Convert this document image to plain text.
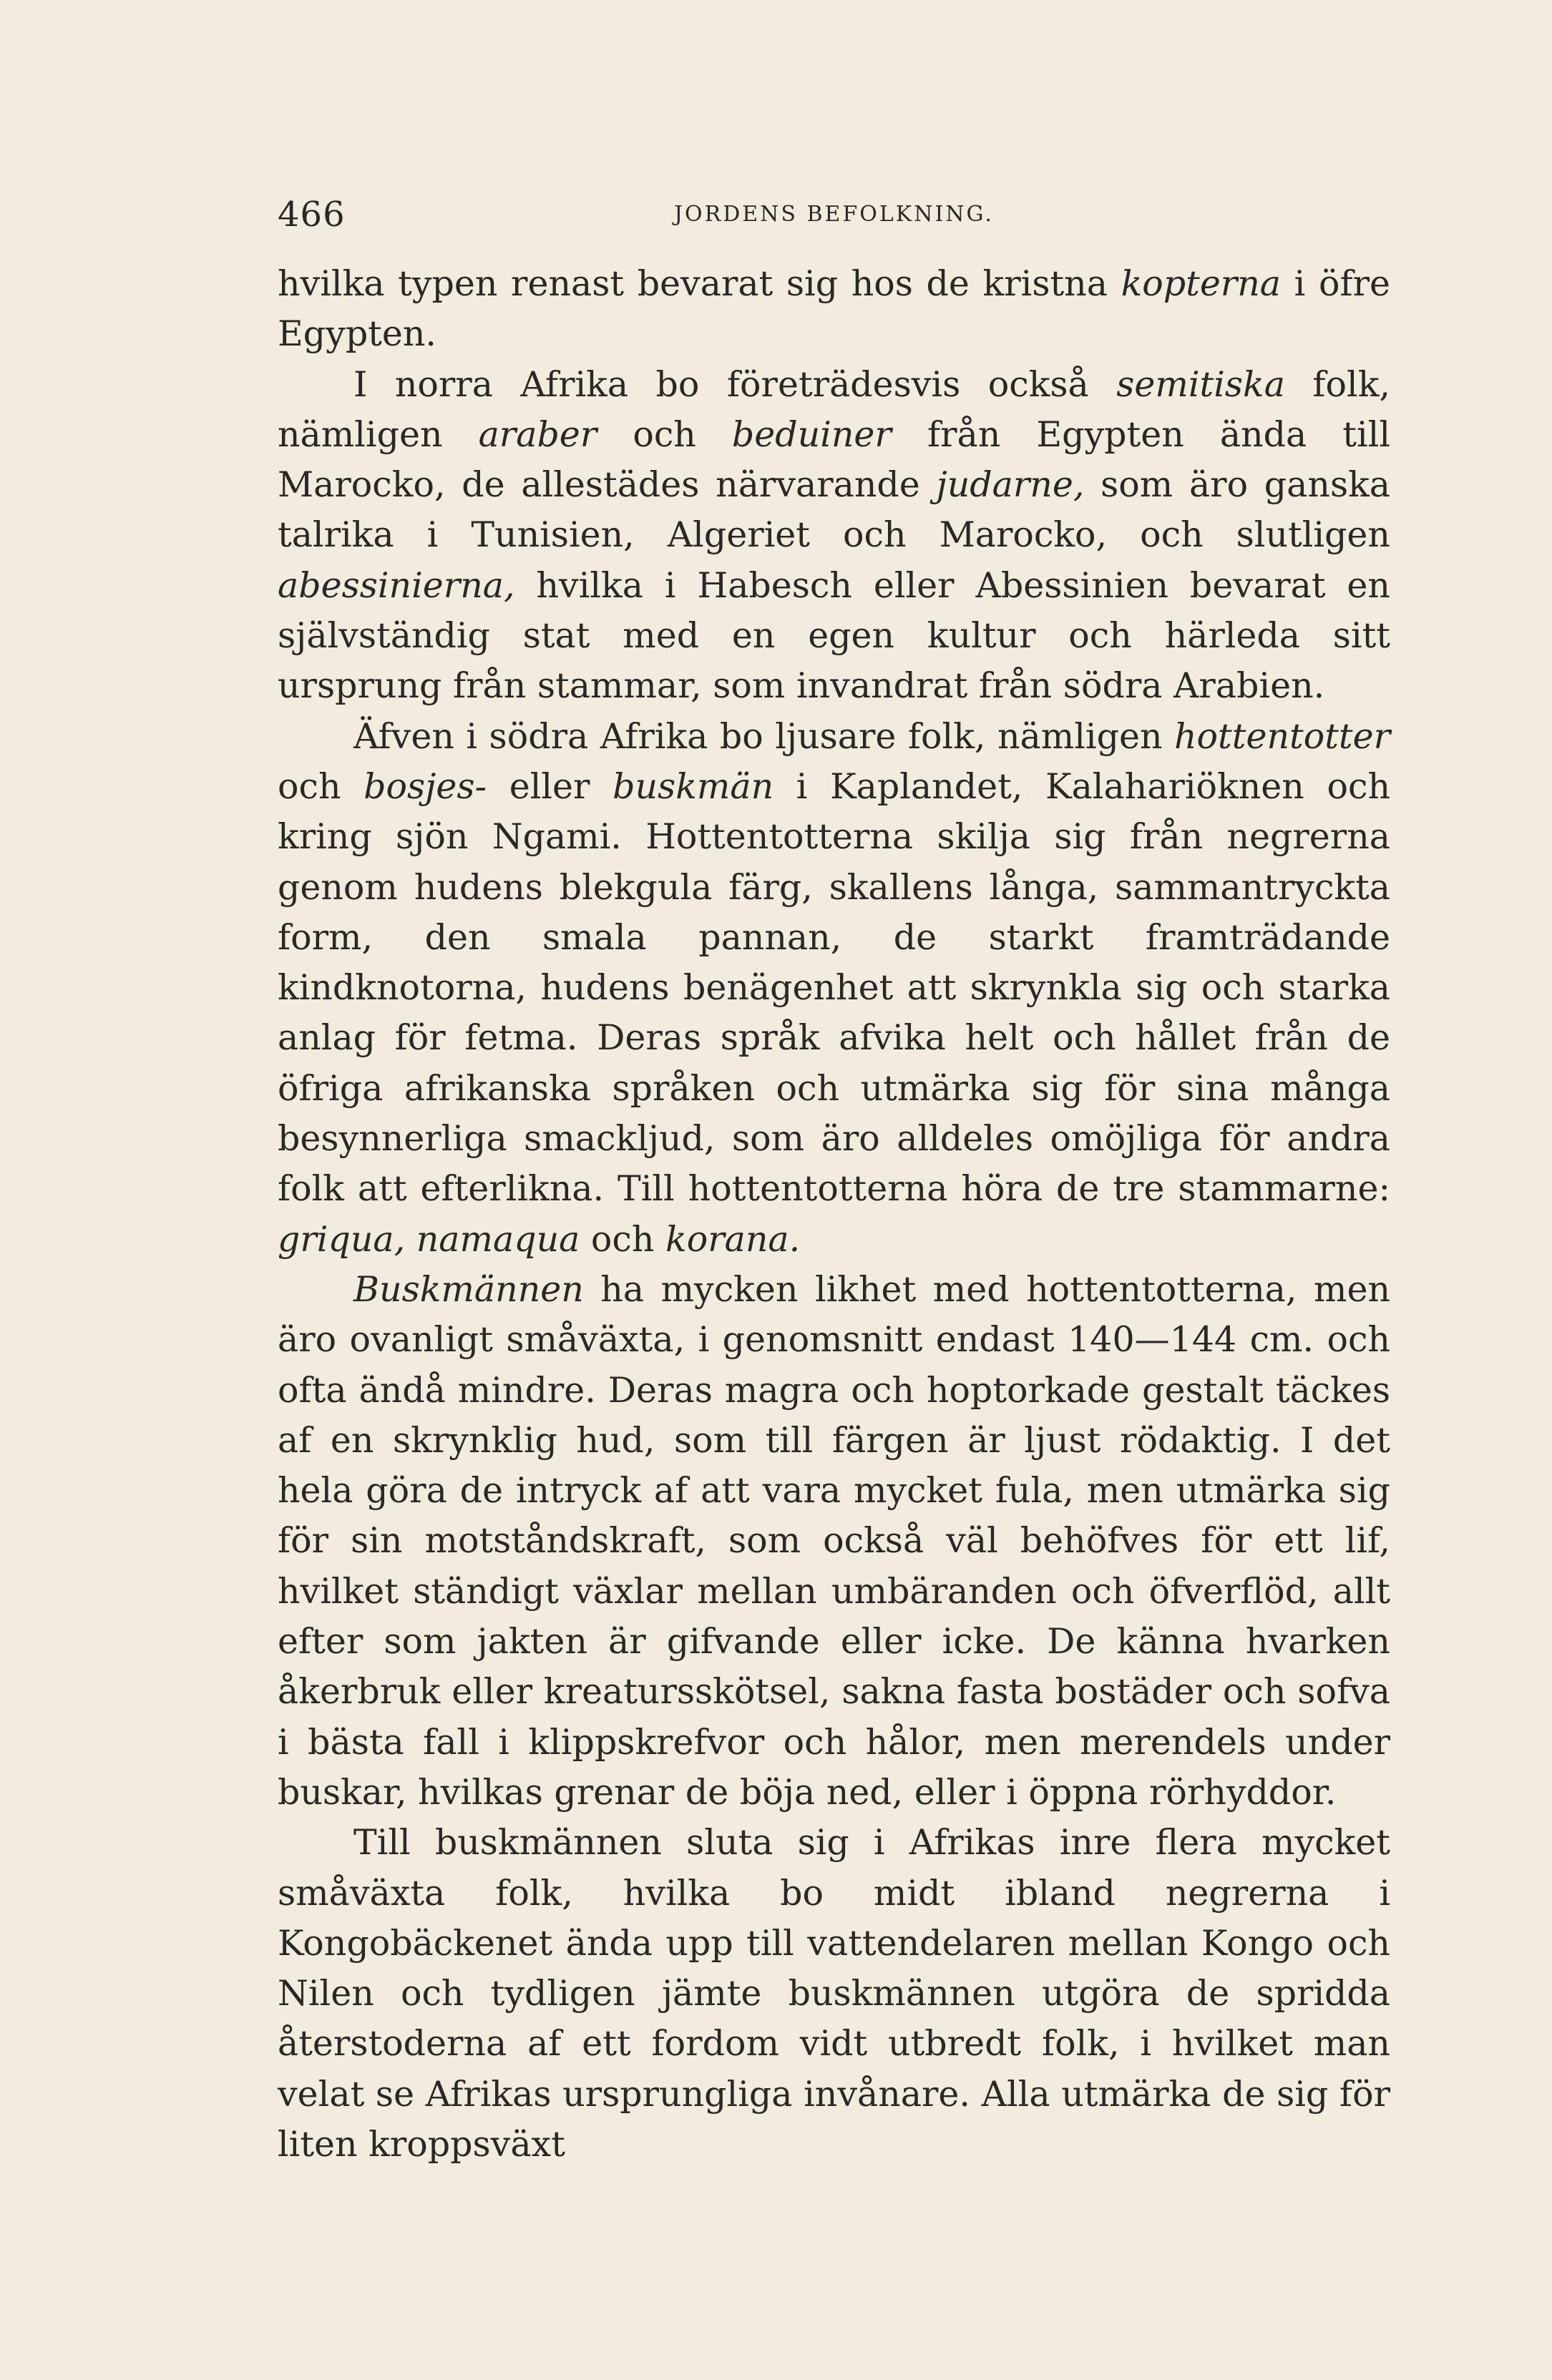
466	JORDENS BEFOLKNING.

hvilka typen renast bevarat sig hos de kristna kopterna i öfre Egypten.

I norra Afrika bo företrädesvis också semitiska folk, nämligen araber och beduiner från Egypten ända till Marocko, de allestädes närvarande judarne, som äro ganska talrika i Tunisien, Algeriet och Marocko, och slutligen abessinierna, hvilka i Habesch eller Abessinien bevarat en självständig stat med en egen kultur och härleda sitt ursprung från stammar, som invandrat från södra Arabien.

Äfven i södra Afrika bo ljusare folk, nämligen hottentotter och bosjes- eller buskmän i Kaplandet, Kalahariöknen och kring sjön Ngami. Hottentotterna skilja sig från negrerna genom hudens blekgula färg, skallens långa, sammantryckta form, den smala pannan, de starkt framträdande kindknotorna, hudens benägenhet att skrynkla sig och starka anlag för fetma. Deras språk afvika helt och hållet från de öfriga afrikanska språken och utmärka sig för sina många besynnerliga smackljud, som äro alldeles omöjliga för andra folk att efterlikna. Till hottentotterna höra de tre stammarne: griqua, namaqua och korana.

Buskmännen ha mycken likhet med hottentotterna, men äro ovanligt småväxta, i genomsnitt endast 140—144 cm. och ofta ändå mindre. Deras magra och hoptorkade gestalt täckes af en skrynklig hud, som till färgen är ljust rödaktig. I det hela göra de intryck af att vara mycket fula, men utmärka sig för sin motståndskraft, som också väl behöfves för ett lif, hvilket ständigt växlar mellan umbäranden och öfverflöd, allt efter som jakten är gifvande eller icke. De känna hvarken åkerbruk eller kreatursskötsel, sakna fasta bostäder och sofva i bästa fall i klippskrefvor och hålor, men merendels under buskar, hvilkas grenar de böja ned, eller i öppna rörhyddor.

Till buskmännen sluta sig i Afrikas inre flera mycket småväxta folk, hvilka bo midt ibland negrerna i Kongobäckenet ända upp till vattendelaren mellan Kongo och Nilen och tydligen jämte buskmännen utgöra de spridda återstoderna af ett fordom vidt utbredt folk, i hvilket man velat se Afrikas ursprungliga invånare. Alla utmärka de sig för liten kroppsväxt
